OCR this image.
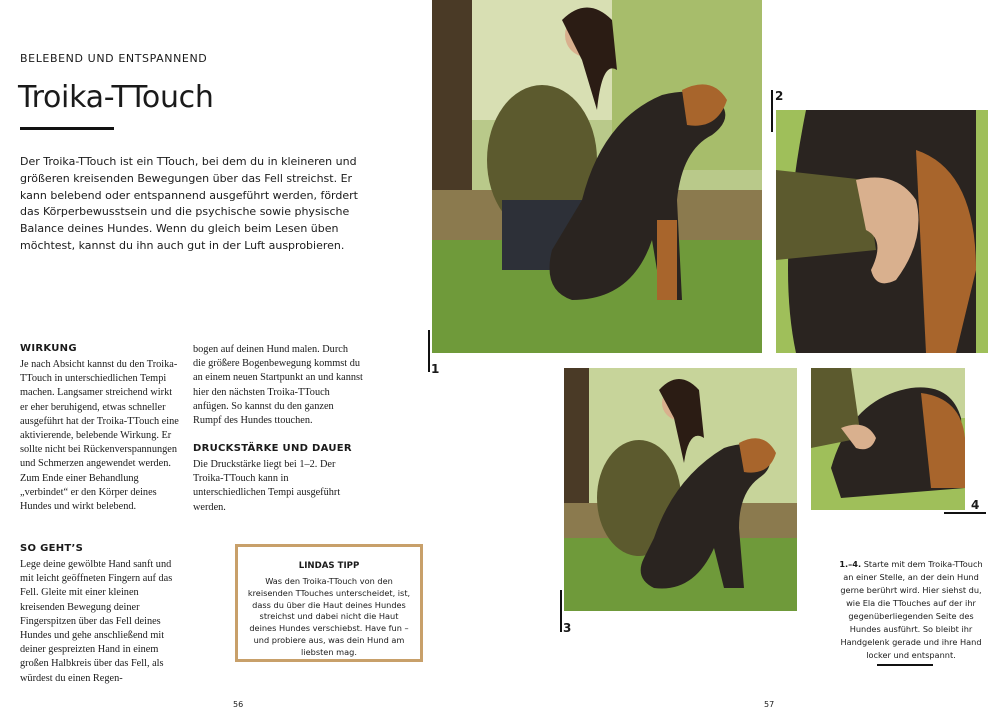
BELEBEND UND ENTSPANNEND
Troika-TTouch
Der Troika-TTouch ist ein TTouch, bei dem du in kleineren und größeren kreisenden Bewegungen über das Fell streichst. Er kann belebend oder entspannend ausgeführt werden, fördert das Körperbewusstsein und die psychische sowie physische Balance deines Hundes. Wenn du gleich beim Lesen üben möchtest, kannst du ihn auch gut in der Luft ausprobieren.
WIRKUNG
Je nach Absicht kannst du den Troika-TTouch in unterschiedlichen Tempi machen. Langsamer streichend wirkt er eher beruhigend, etwas schneller ausgeführt hat der Troika-TTouch eine aktivierende, belebende Wirkung. Er sollte nicht bei Rückenverspannungen und Schmerzen angewendet werden. Zum Ende einer Behandlung „verbindet“ er den Körper deines Hundes und wirkt belebend.
SO GEHT’S
Lege deine gewölbte Hand sanft und mit leicht geöffneten Fingern auf das Fell. Gleite mit einer kleinen kreisenden Bewegung deiner Fingerspitzen über das Fell deines Hundes und gehe anschließend mit deiner gespreizten Hand in einem großen Halbkreis über das Fell, als würdest du einen Regen-
bogen auf deinen Hund malen. Durch die größere Bogenbewegung kommst du an einem neuen Startpunkt an und kannst hier den nächsten Troika-TTouch anfügen. So kannst du den ganzen Rumpf des Hundes ttouchen.
DRUCKSTÄRKE UND DAUER
Die Druckstärke liegt bei 1–2. Der Troika-TTouch kann in unterschiedlichen Tempi ausgeführt werden.
LINDAS TIPP
Was den Troika-TTouch von den kreisenden TTouches unterscheidet, ist, dass du über die Haut deines Hundes streichst und dabei nicht die Haut deines Hundes verschiebst. Have fun – und probiere aus, was dein Hund am liebsten mag.
56
1
2
3
4
1.–4. Starte mit dem Troika-TTouch an einer Stelle, an der dein Hund gerne berührt wird. Hier siehst du, wie Ela die TTouches auf der ihr gegenüberliegenden Seite des Hundes ausführt. So bleibt ihr Handgelenk gerade und ihre Hand locker und entspannt.
57
